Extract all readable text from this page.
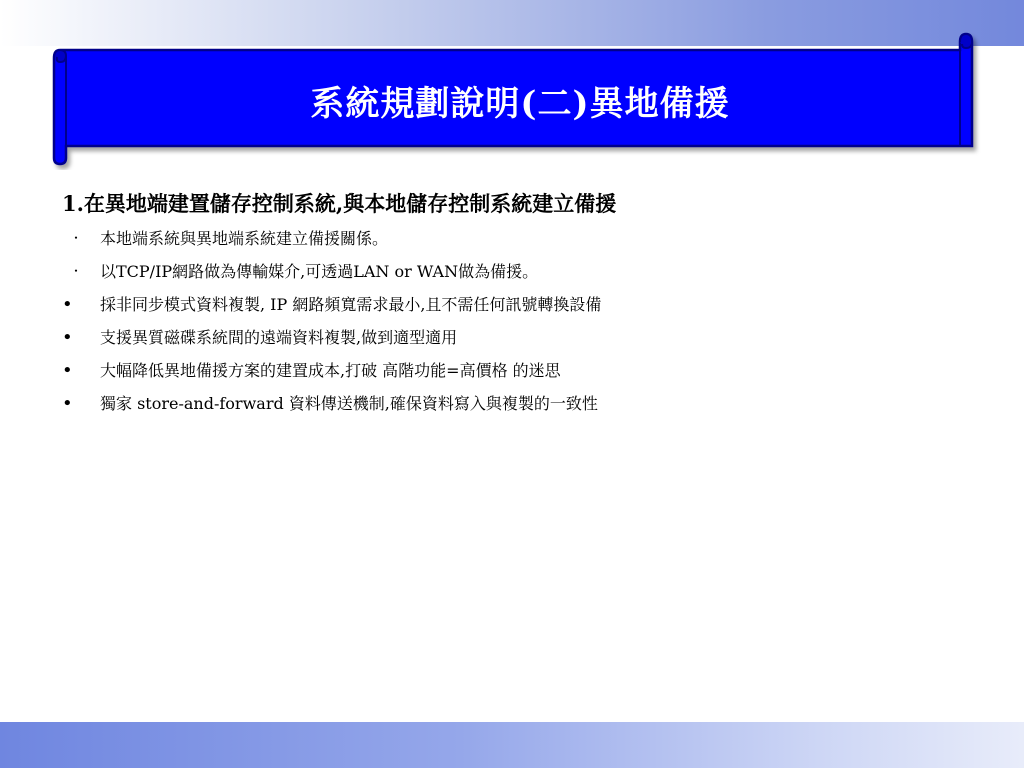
系統規劃說明(二)異地備援
1.在異地端建置儲存控制系統,與本地儲存控制系統建立備援
・	本地端系統與異地端系統建立備援關係。
・	以TCP/IP網路做為傳輸媒介,可透過LAN or WAN做為備援。
•	採非同步模式資料複製, IP 網路頻寬需求最小,且不需任何訊號轉換設備
•	支援異質磁碟系統間的遠端資料複製,做到適型適用
•	大幅降低異地備援方案的建置成本,打破 高階功能=高價格 的迷思
•	獨家 store-and-forward 資料傳送機制,確保資料寫入與複製的一致性
